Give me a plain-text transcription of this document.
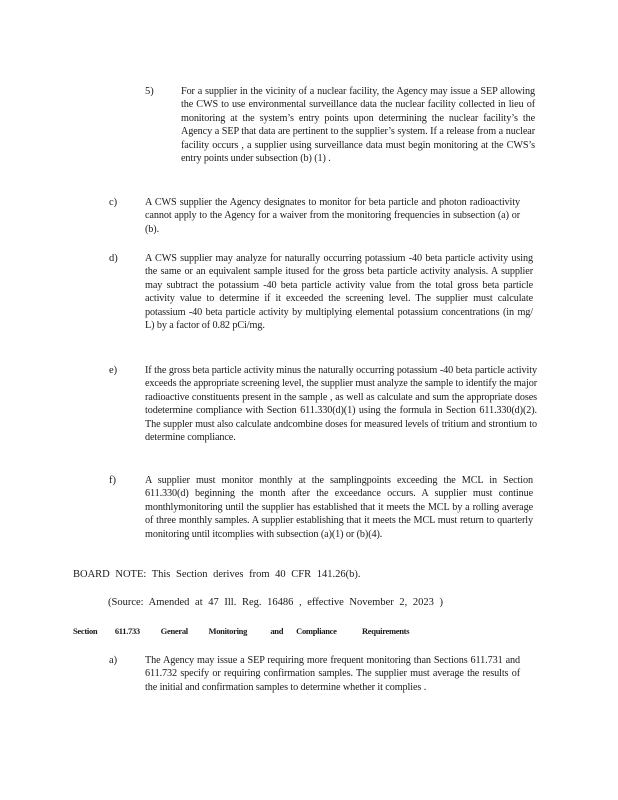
5)	For a supplier in the vicinity of a nuclear facility, the Agency may issue a SEP allowing the CWS to use environmental surveillance data the nuclear facility collected in lieu of monitoring at the system’s entry points upon determining the nuclear facility’s the Agency a SEP that data are pertinent to the supplier’s system. If a release from a nuclear facility occurs , a supplier using surveillance data must begin monitoring at the CWS’s entry points under subsection (b) (1) .
c)	A CWS supplier the Agency designates to monitor for beta particle and photon radioactivity cannot apply to the Agency for a waiver from the monitoring frequencies in subsection (a) or (b).
d)	A CWS supplier may analyze for naturally occurring potassium -40 beta particle activity using the same or an equivalent sample itused for the gross beta particle activity analysis. A supplier may subtract the potassium -40 beta particle activity value from the total gross beta particle activity value to determine if it exceeded the screening level. The supplier must calculate potassium -40 beta particle activity by multiplying elemental potassium concentrations (in mg/ L) by a factor of 0.82 pCi/mg.
e)	If the gross beta particle activity minus the naturally occurring potassium -40 beta particle activity exceeds the appropriate screening level, the supplier must analyze the sample to identify the major radioactive constituents present in the sample , as well as calculate and sum the appropriate doses todetermine compliance with Section 611.330(d)(1) using the formula in Section 611.330(d)(2). The suppler must also calculate andcombine doses for measured levels of tritium and strontium to determine compliance.
f)	A supplier must monitor monthly at the samplingpoints exceeding the MCL in Section 611.330(d) beginning the month after the exceedance occurs. A supplier must continue monthlymonitoring until the supplier has established that it meets the MCL by a rolling average of three monthly samples. A supplier establishing that it meets the MCL must return to quarterly monitoring until itcomplies with subsection (a)(1) or (b)(4).
BOARD NOTE: This Section derives from 40 CFR 141.26(b).
(Source: Amended at 47 Ill. Reg. 16486 , effective November 2, 2023 )
Section 611.733 General Monitoring	and Compliance	Requirements
a)	The Agency may issue a SEP requiring more frequent monitoring than Sections 611.731 and 611.732 specify or requiring confirmation samples. The supplier must average the results of the initial and confirmation samples to determine whether it complies .
